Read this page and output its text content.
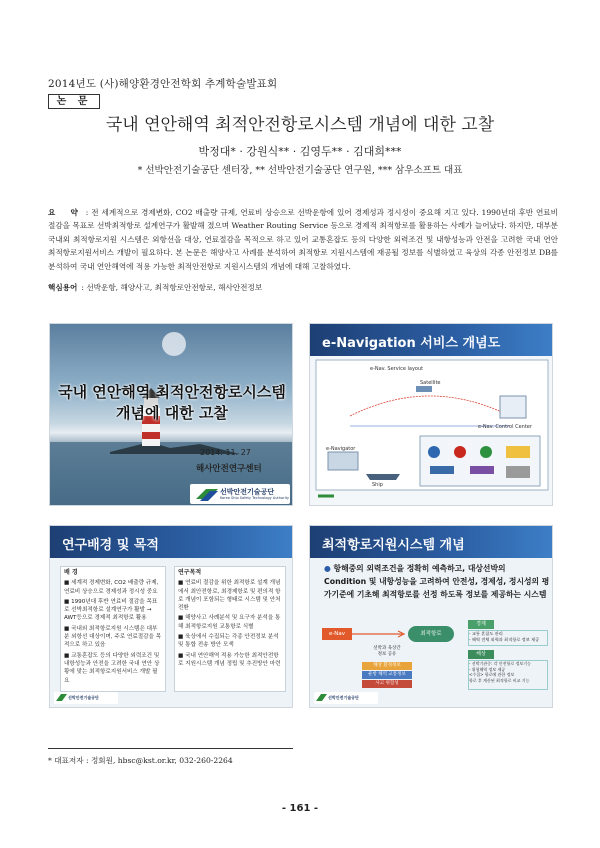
2014년도 (사)해양환경안전학회 추계학술발표회
논 문
국내 연안해역 최적안전항로시스템 개념에 대한 고찰
박정대* · 강원식** · 김영두** · 김대희***
* 선박안전기술공단 센터장, ** 선박안전기술공단 연구원, *** 삼우소프트 대표
요 약 : 전 세계적으로 경제변화, CO2 배출량 규제, 연료비 상승으로 선박운항에 있어 경제성과 정시성이 중요해 지고 있다. 1990년대 후반 연료비 절감을 목표로 선박최적항로 설계연구가 활발해 졌으며 Weather Routing Service 등으로 경제적 최적항로를 활용하는 사례가 늘어났다. 하지만, 대부분 국내외 최적항로지원 시스템은 외항선을 대상, 연료절감을 목적으로 하고 있어 교통혼잡도 등의 다양한 외력조건 및 내항성능과 안전을 고려한 국내 연안 최적항로지원서비스 개발이 필요하다. 본 논문은 해양사고 사례를 분석하여 최적항로 지원시스템에 재공될 정보를 식별하였고 육상의 각종 안전정보 DB를 분석하여 국내 연안해역에 적용 가능한 최적안전항로 지원시스템의 개념에 대해 고찰하였다.
핵심용어 : 선박운항, 해양사고, 최적항로안전항로, 해사안전정보
국내 연안해역 최적안전항로시스템 개념에 대한 고찰
2014. 11. 27
해사안전연구센터
선박안전기술공단
Korea Ship Safety Technology Authority
e-Navigation 서비스 개념도
e-Nav. Service layout
Satellite
e-Navigator
Ship
e-Nav. Control Center
연구배경 및 목적
배 경
■ 세계적 경제변화, CO2 배출량 규제, 연료비 상승으로 경제성과 정시성 중요
■ 1990년대 후반 연료비 절감을 목표로 선박최적항로 설계연구가 활발 → AWT등으로 경제적 최적항로 활용
■ 국내외 최적항로지원 시스템은 대부분 외항선 대상이며, 주로 연료절감을 목적으로 하고 있음
■ 교통혼잡도 등의 다양한 외력조건 및 내항성능과 안전을 고려한 국내 연안 상황에 맞는 최적항로지원서비스 개발 필요
연구목적
■ 연료비 절감을 위한 최적항로 설계 개념에서 최안전항로, 최경제항로 및 편의적 항로 개념이 포함되는 형태로 시스템 및 안처 전환
■ 해양사고 사례분석 및 요구자 분석을 통해 최적항로지원 교통항로 식별
■ 육상에서 수집되는 각종 안전정보 분석 및 통합 전송 방안 모색
■ 국내 연안해역 적용 가능한 최적안전항로 지원시스템 개념 정립 및 추진방안 마련
선박안전기술공단
최적항로지원시스템 개념
● 항해중의 외력조건을 정확히 예측하고, 대상선박의 Condition 및 내항성능을 고려하여 안전성, 경제성, 정시성의 평가기준에 기초해 최적항로를 선정 하도록 정보를 제공하는 시스템
e-Nav	최적항로
선박과 육상간
정보 공유
해상 환경정보
운항 해역 교통정보
사고 위험성
경제
- 교통 혼잡도 관리
- 해역 전체 외력과 최적항로 정보 제공
해상
- 선박기관중: 각 안전항로 정보기능
- 위험해역 정보 제공
<수집> 항로에 관한 정보
항로 후 계산된 최적항로 비교 기능
선박안전기술공단
* 대표저자 : 정회원, hbsc@kst.or.kr, 032-260-2264
- 161 -
